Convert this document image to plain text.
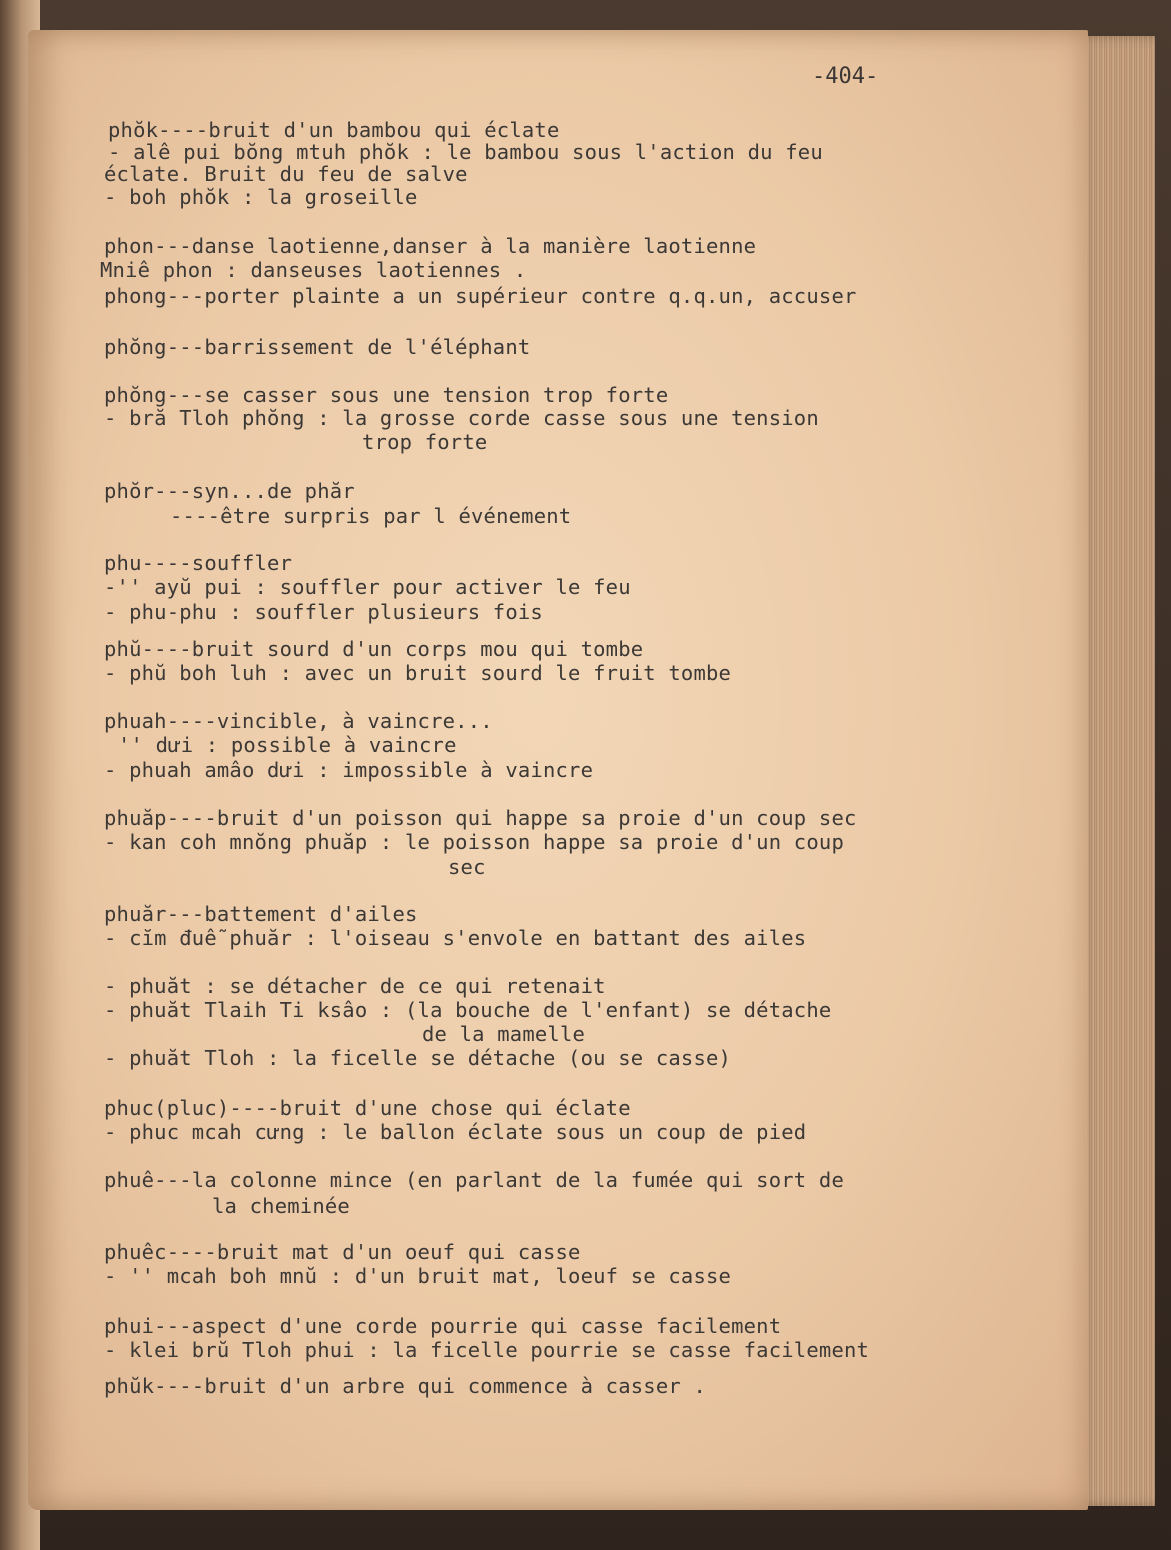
-404-
phŏk----bruit d'un bambou qui éclate
- alê pui bŏng mtuh phŏk : le bambou sous l'action du feu
éclate. Bruit du feu de salve
- boh phŏk : la groseille
phon---danse laotienne,danser à la manière laotienne
Mniê phon : danseuses laotiennes .
phong---porter plainte a un supérieur contre q.q.un, accuser
phŏng---barrissement de l'éléphant
phŏng---se casser sous une tension trop forte
- bră Tloh phŏng : la grosse corde casse sous une tension
trop forte
phŏr---syn...de phăr
----être surpris par l événement
phu----souffler
-'' ayŭ pui : souffler pour activer le feu
- phu-phu : souffler plusieurs fois
phŭ----bruit sourd d'un corps mou qui tombe
- phŭ boh luh : avec un bruit sourd le fruit tombe
phuah----vincible, à vaincre...
'' dưi : possible à vaincre
- phuah amâo dưi : impossible à vaincre
phuăp----bruit d'un poisson qui happe sa proie d'un coup sec
- kan coh mnŏng phuăp : le poisson happe sa proie d'un coup
sec
phuăr---battement d'ailes
- cĭm đuễ phuăr : l'oiseau s'envole en battant des ailes
- phuăt : se détacher de ce qui retenait
- phuăt Tlaih Ti ksâo : (la bouche de l'enfant) se détache
de la mamelle
- phuăt Tloh : la ficelle se détache (ou se casse)
phuc(pluc)----bruit d'une chose qui éclate
- phuc mcah cưng : le ballon éclate sous un coup de pied
phuê---la colonne mince (en parlant de la fumée qui sort de
la cheminée
phuêc----bruit mat d'un oeuf qui casse
- '' mcah boh mnŭ : d'un bruit mat, loeuf se casse
phui---aspect d'une corde pourrie qui casse facilement
- klei brŭ Tloh phui : la ficelle pourrie se casse facilement
phŭk----bruit d'un arbre qui commence à casser .
